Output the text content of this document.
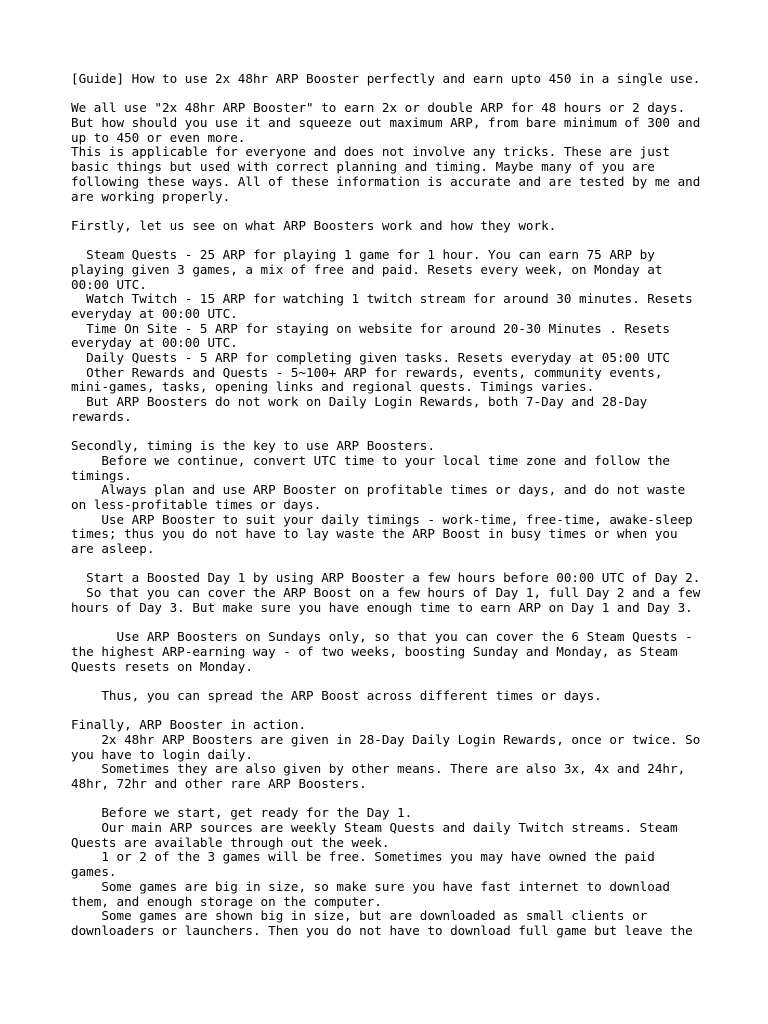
[Guide] How to use 2x 48hr ARP Booster perfectly and earn upto 450 in a single use.
We all use "2x 48hr ARP Booster" to earn 2x or double ARP for 48 hours or 2 days.
But how should you use it and squeeze out maximum ARP, from bare minimum of 300 and
up to 450 or even more.
This is applicable for everyone and does not involve any tricks. These are just
basic things but used with correct planning and timing. Maybe many of you are
following these ways. All of these information is accurate and are tested by me and
are working properly.
Firstly, let us see on what ARP Boosters work and how they work.
Steam Quests - 25 ARP for playing 1 game for 1 hour. You can earn 75 ARP by
playing given 3 games, a mix of free and paid. Resets every week, on Monday at
00:00 UTC.
Watch Twitch - 15 ARP for watching 1 twitch stream for around 30 minutes. Resets
everyday at 00:00 UTC.
Time On Site - 5 ARP for staying on website for around 20-30 Minutes . Resets
everyday at 00:00 UTC.
Daily Quests - 5 ARP for completing given tasks. Resets everyday at 05:00 UTC
Other Rewards and Quests - 5~100+ ARP for rewards, events, community events,
mini-games, tasks, opening links and regional quests. Timings varies.
But ARP Boosters do not work on Daily Login Rewards, both 7-Day and 28-Day
rewards.
Secondly, timing is the key to use ARP Boosters.
Before we continue, convert UTC time to your local time zone and follow the
timings.
Always plan and use ARP Booster on profitable times or days, and do not waste
on less-profitable times or days.
Use ARP Booster to suit your daily timings - work-time, free-time, awake-sleep
times; thus you do not have to lay waste the ARP Boost in busy times or when you
are asleep.
Start a Boosted Day 1 by using ARP Booster a few hours before 00:00 UTC of Day 2.
So that you can cover the ARP Boost on a few hours of Day 1, full Day 2 and a few
hours of Day 3. But make sure you have enough time to earn ARP on Day 1 and Day 3.
Use ARP Boosters on Sundays only, so that you can cover the 6 Steam Quests -
the highest ARP-earning way - of two weeks, boosting Sunday and Monday, as Steam
Quests resets on Monday.
Thus, you can spread the ARP Boost across different times or days.
Finally, ARP Booster in action.
2x 48hr ARP Boosters are given in 28-Day Daily Login Rewards, once or twice. So
you have to login daily.
Sometimes they are also given by other means. There are also 3x, 4x and 24hr,
48hr, 72hr and other rare ARP Boosters.
Before we start, get ready for the Day 1.
Our main ARP sources are weekly Steam Quests and daily Twitch streams. Steam
Quests are available through out the week.
1 or 2 of the 3 games will be free. Sometimes you may have owned the paid
games.
Some games are big in size, so make sure you have fast internet to download
them, and enough storage on the computer.
Some games are shown big in size, but are downloaded as small clients or
downloaders or launchers. Then you do not have to download full game but leave the
